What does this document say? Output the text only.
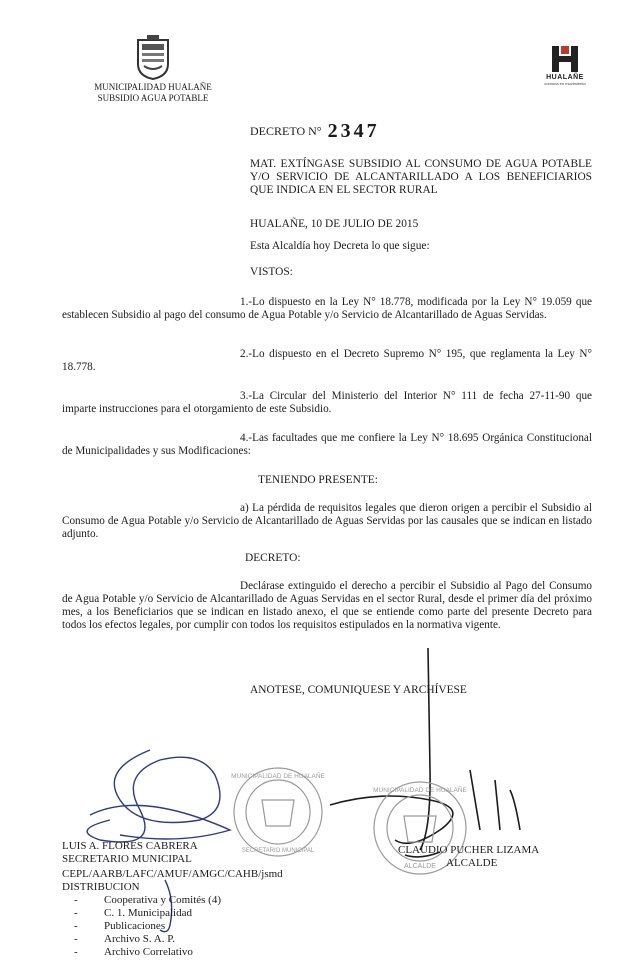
MUNICIPALIDAD HUALAÑE
SUBSIDIO AGUA POTABLE
HUALAÑE
comuna en movimiento
DECRETO N° 2347
MAT. EXTÍNGASE SUBSIDIO AL CONSUMO DE AGUA POTABLE Y/O SERVICIO DE ALCANTARILLADO A LOS BENEFICIARIOS QUE INDICA EN EL SECTOR RURAL
HUALAÑE, 10 DE JULIO DE 2015
Esta Alcaldía hoy Decreta lo que sigue:
VISTOS:
1.-Lo dispuesto en la Ley N° 18.778, modificada por la Ley N° 19.059 que establecen Subsidio al pago del consumo de Agua Potable y/o Servicio de Alcantarillado de Aguas Servidas.
2.-Lo dispuesto en el Decreto Supremo N° 195, que reglamenta la Ley N° 18.778.
3.-La Circular del Ministerio del Interior N° 111 de fecha 27-11-90 que imparte instrucciones para el otorgamiento de este Subsidio.
4.-Las facultades que me confiere la Ley N° 18.695 Orgánica Constitucional de Municipalidades y sus Modificaciones:
TENIENDO PRESENTE:
a) La pérdida de requisitos legales que dieron origen a percibir el Subsidio al Consumo de Agua Potable y/o Servicio de Alcantarillado de Aguas Servidas por las causales que se indican en listado adjunto.
DECRETO:
Declárase extinguido el derecho a percibir el Subsidio al Pago del Consumo de Agua Potable y/o Servicio de Alcantarillado de Aguas Servidas en el sector Rural, desde el primer día del próximo mes, a los Beneficiarios que se indican en listado anexo, el que se entiende como parte del presente Decreto para todos los efectos legales, por cumplir con todos los requisitos estipulados en la normativa vigente.
ANOTESE, COMUNIQUESE Y ARCHÍVESE
MUNICIPALIDAD DE HUALAÑE
SECRETARIO MUNICIPAL
MUNICIPALIDAD DE HUALAÑE
ALCALDE
LUIS A. FLORES CABRERA
SECRETARIO MUNICIPAL
CLAUDIO PUCHER LIZAMA
ALCALDE
CEPL/AARB/LAFC/AMUF/AMGC/CAHB/jsmd
DISTRIBUCION
- Cooperativa y Comités (4)
- C. 1. Municipalidad
- Publicaciones
- Archivo S. A. P.
- Archivo Correlativo
